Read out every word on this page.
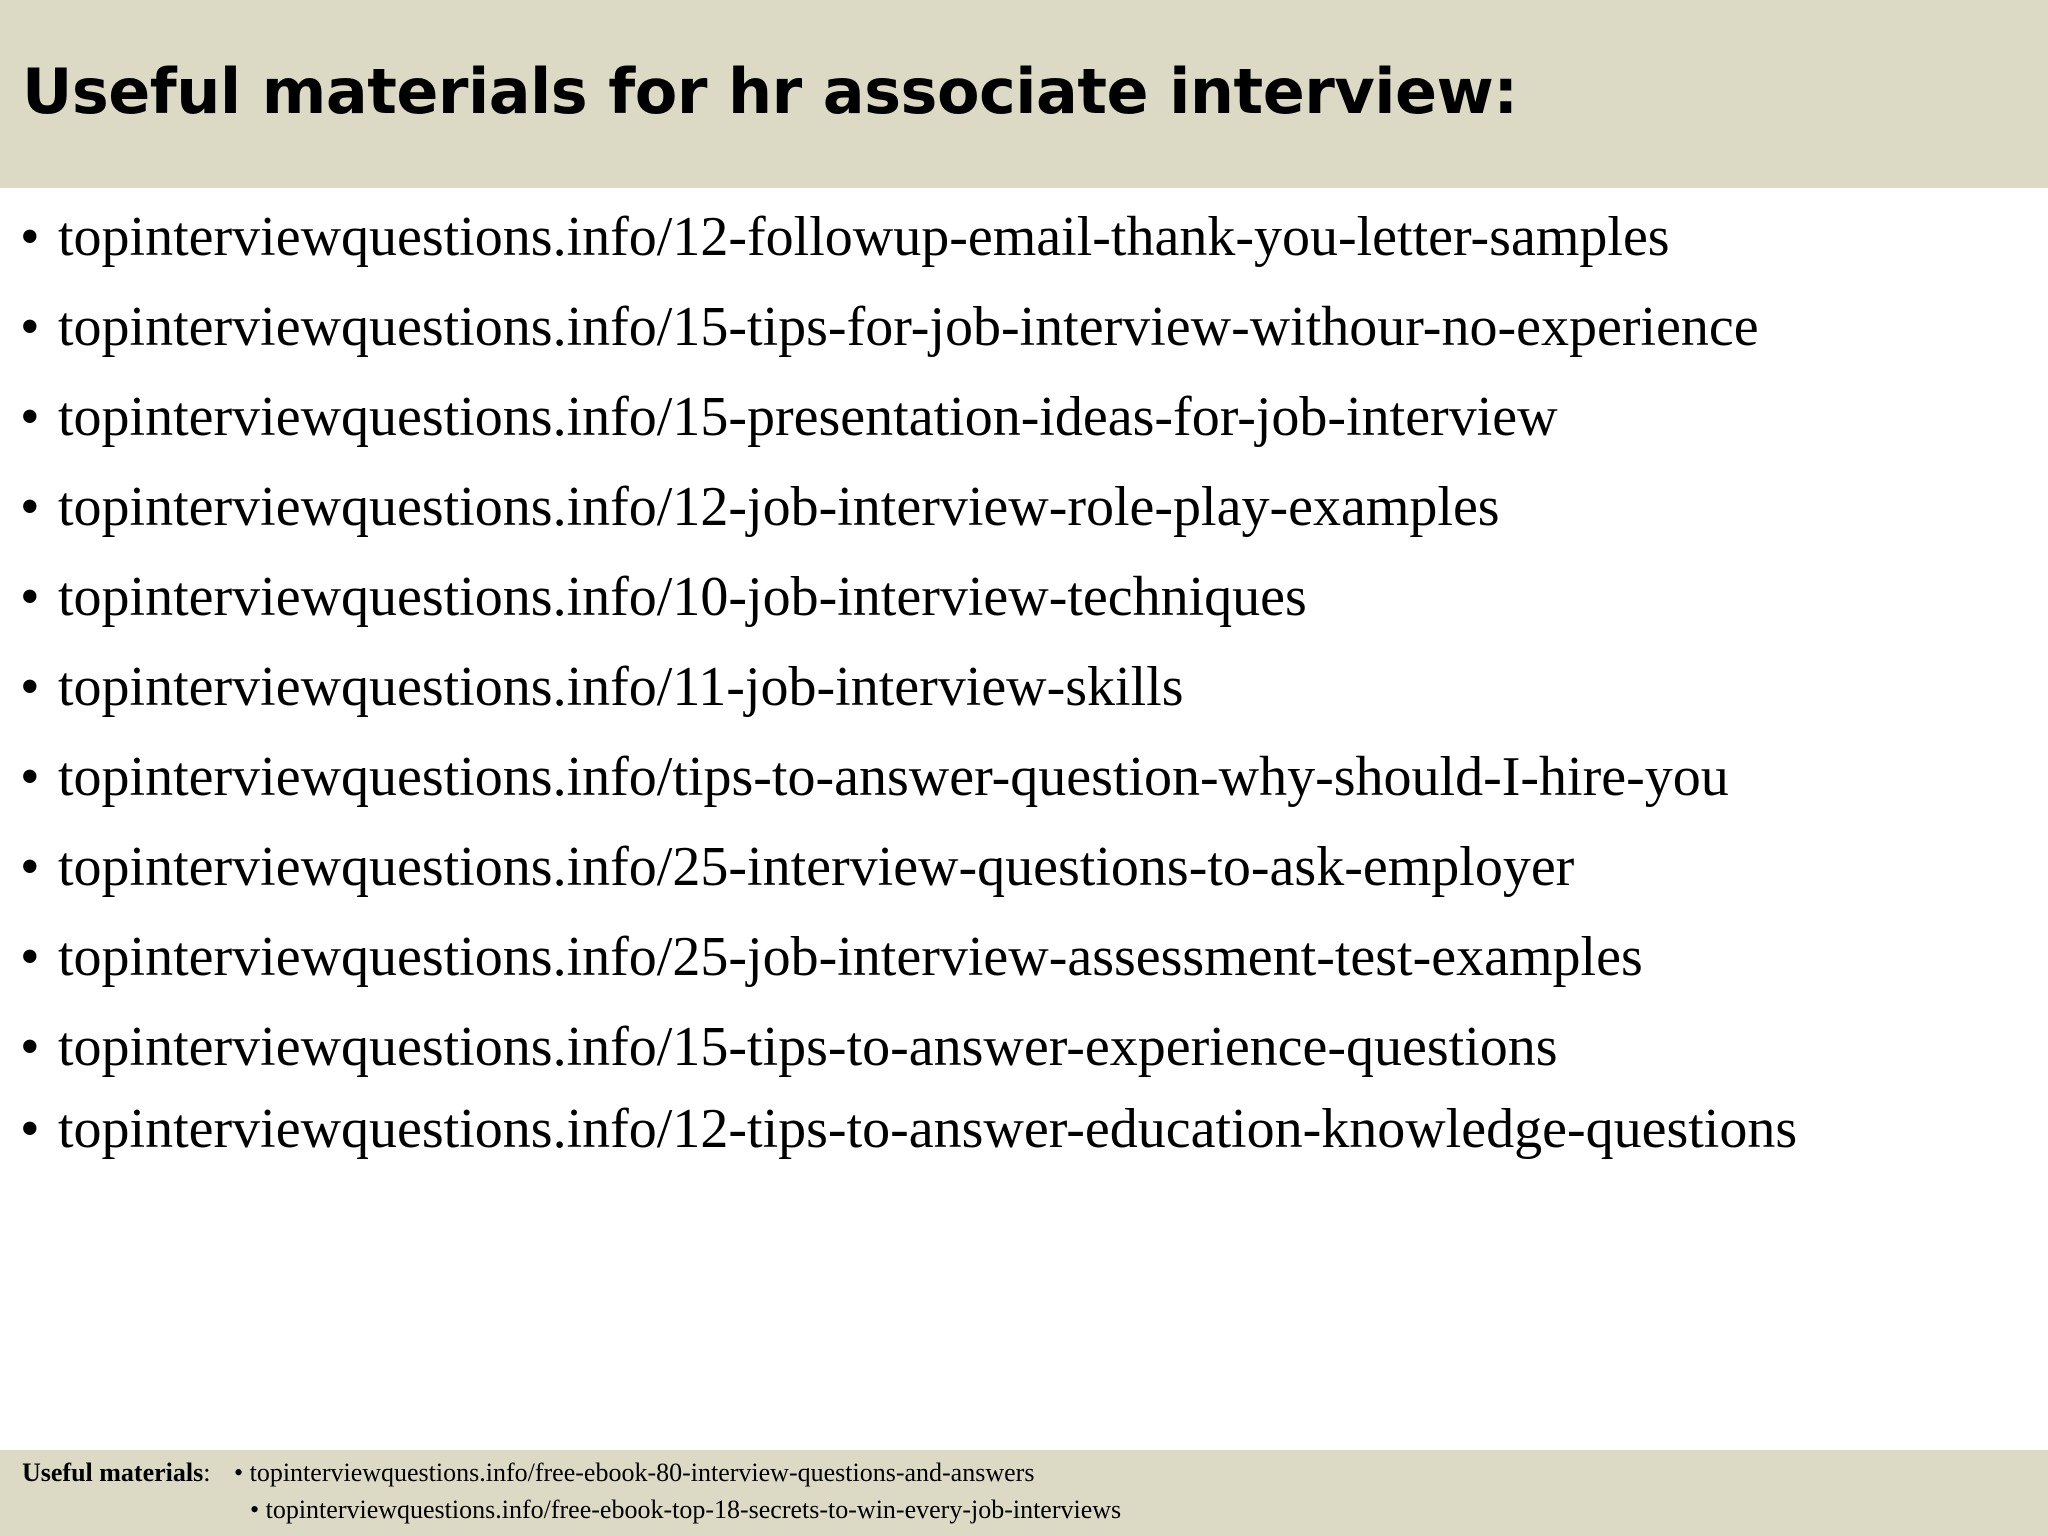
Useful materials for hr associate interview:
• topinterviewquestions.info/12-followup-email-thank-you-letter-samples
• topinterviewquestions.info/15-tips-for-job-interview-withour-no-experience
• topinterviewquestions.info/15-presentation-ideas-for-job-interview
• topinterviewquestions.info/12-job-interview-role-play-examples
• topinterviewquestions.info/10-job-interview-techniques
• topinterviewquestions.info/11-job-interview-skills
• topinterviewquestions.info/tips-to-answer-question-why-should-I-hire-you
• topinterviewquestions.info/25-interview-questions-to-ask-employer
• topinterviewquestions.info/25-job-interview-assessment-test-examples
• topinterviewquestions.info/15-tips-to-answer-experience-questions
• topinterviewquestions.info/12-tips-to-answer-education-knowledge-questions
Useful materials: • topinterviewquestions.info/free-ebook-80-interview-questions-and-answers
• topinterviewquestions.info/free-ebook-top-18-secrets-to-win-every-job-interviews
